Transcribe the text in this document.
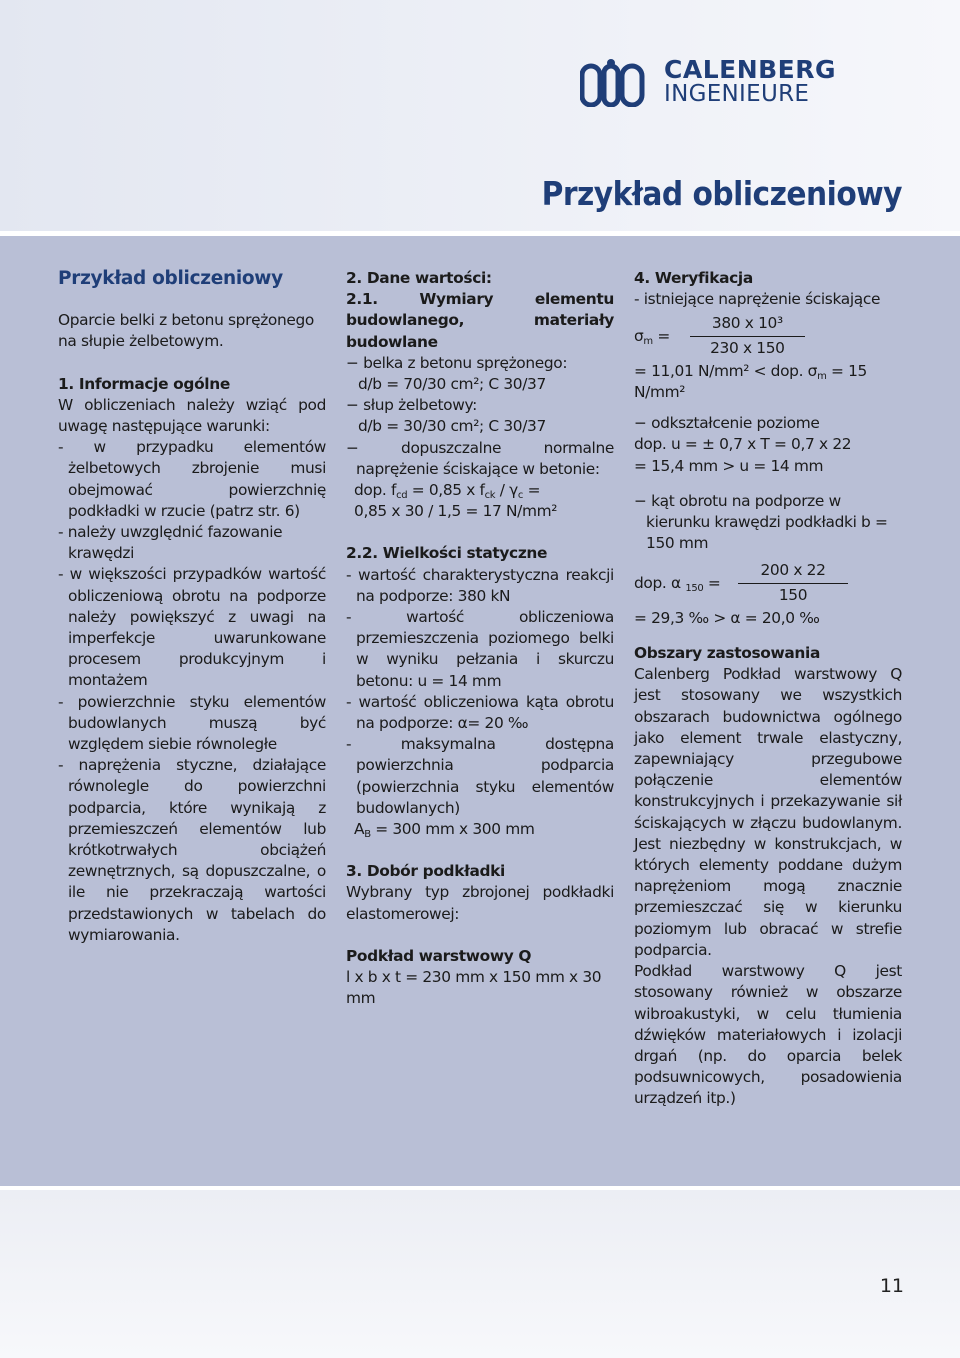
CALENBERG
INGENIEURE
Przykład obliczeniowy
11

Przykład obliczeniowy

Oparcie belki z betonu sprężonego na słupie żelbetowym.

1. Informacje ogólne

W obliczeniach należy wziąć pod uwagę następujące warunki:

- w przypadku elementów żelbetowych zbrojenie musi obejmować powierzchnię podkładki w rzucie (patrz str. 6)

- należy uwzględnić fazowanie krawędzi

- w większości przypadków wartość obliczeniową obrotu na podporze należy powiększyć z uwagi na imperfekcje uwarunkowane procesem produkcyjnym i montażem

- powierzchnie styku elementów budowlanych muszą być względem siebie równoległe

- naprężenia styczne, działające równolegle do powierzchni podparcia, które wynikają z przemieszczeń elementów lub krótkotrwałych obciążeń zewnętrznych, są dopuszczalne, o ile nie przekraczają wartości przedstawionych w tabelach do wymiarowania.

2. Dane wartości:

2.1. Wymiary elementu budowlanego, materiały budowlane

− belka z betonu sprężonego:

d/b = 70/30 cm²; C 30/37

− słup żelbetowy:

d/b = 30/30 cm²; C 30/37

− dopuszczalne normalne naprężenie ściskające w betonie:

dop. $f_{cd} = 0,85$ x $f_{ck} / \gamma_c$ =

0,85 x 30 / 1,5 = 17 N/mm²

2.2. Wielkości statyczne

- wartość charakterystyczna reakcji na podporze: 380 kN

- wartość obliczeniowa przemieszczenia poziomego belki w wyniku pełzania i skurczu betonu: u = 14 mm

- wartość obliczeniowa kąta obrotu na podporze: α= 20 ‰

- maksymalna dostępna powierzchnia podparcia (powierzchnia styku elementów budowlanych)

$A_B = 300$ mm x 300 mm

3. Dobór podkładki

Wybrany typ zbrojonej podkładki elastomerowej:

Podkład warstwowy Q

l x b x t = 230 mm x 150 mm x 30 mm

4. Weryfikacja

- istniejące naprężenie ściskające

$\sigma_m = \frac{\text{380 x 10³}}{230 x 150}$

= 11,01 N/mm² < dop. $\sigma_m = 15$ N/mm²

− odkształcenie poziome

dop. u = ± 0,7 x T = 0,7 x 22

= 15,4 mm > u = 14 mm

− kąt obrotu na podporze w kierunku krawędzi podkładki b = 150 mm

dop. α $_{150} = \frac{200 x 22}{150}$

= 29,3 ‰ > α = 20,0 ‰

Obszary zastosowania

Calenberg Podkład warstwowy Q jest stosowany we wszystkich obszarach budownictwa ogólnego jako element trwale elastyczny, zapewniający przegubowe połączenie elementów konstrukcyjnych i przekazywanie sił ściskających w złączu budowlanym. Jest niezbędny w konstrukcjach, w których elementy poddane dużym naprężeniom mogą znacznie przemieszczać się w kierunku poziomym lub obracać w strefie podparcia.

Podkład warstwowy Q jest stosowany również w obszarze wibroakustyki, w celu tłumienia dźwięków materiałowych i izolacji drgań (np. do oparcia belek podsuwnicowych, posadowienia urządzeń itp.)
